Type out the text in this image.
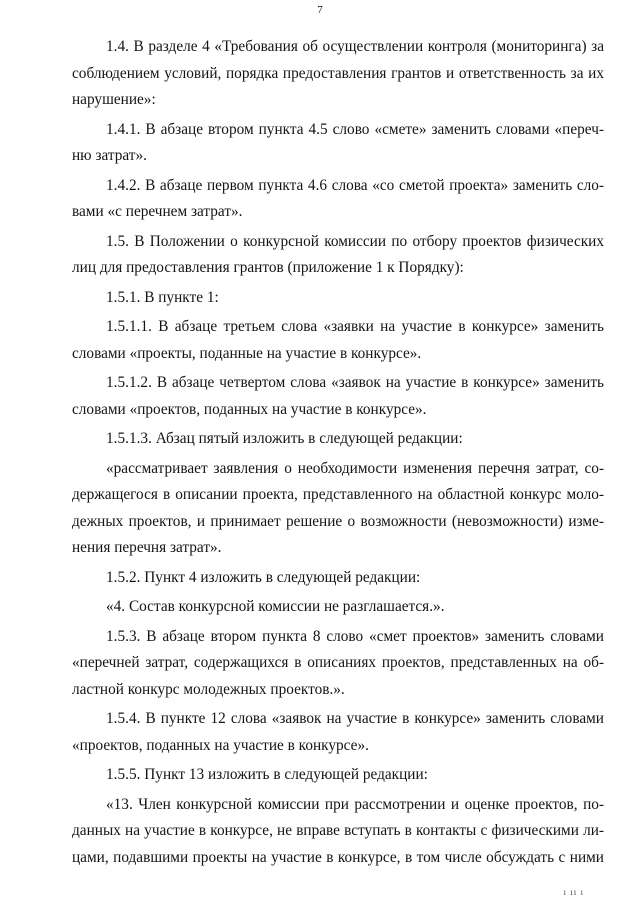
7
1.4. В разделе 4 «Требования об осуществлении контроля (мониторинга) за
соблюдением условий, порядка предоставления грантов и ответственность за их
нарушение»:
1.4.1. В абзаце втором пункта 4.5 слово «смете» заменить словами «переч-
ню затрат».
1.4.2. В абзаце первом пункта 4.6 слова «со сметой проекта» заменить сло-
вами «с перечнем затрат».
1.5. В Положении о конкурсной комиссии по отбору проектов физических
лиц для предоставления грантов (приложение 1 к Порядку):
1.5.1. В пункте 1:
1.5.1.1. В абзаце третьем слова «заявки на участие в конкурсе» заменить
словами «проекты, поданные на участие в конкурсе».
1.5.1.2. В абзаце четвертом слова «заявок на участие в конкурсе» заменить
словами «проектов, поданных на участие в конкурсе».
1.5.1.3. Абзац пятый изложить в следующей редакции:
«рассматривает заявления о необходимости изменения перечня затрат, со-
держащегося в описании проекта, представленного на областной конкурс моло-
дежных проектов, и принимает решение о возможности (невозможности) изме-
нения перечня затрат».
1.5.2. Пункт 4 изложить в следующей редакции:
«4. Состав конкурсной комиссии не разглашается.».
1.5.3. В абзаце втором пункта 8 слово «смет проектов» заменить словами
«перечней затрат, содержащихся в описаниях проектов, представленных на об-
ластной конкурс молодежных проектов.».
1.5.4. В пункте 12 слова «заявок на участие в конкурсе» заменить словами
«проектов, поданных на участие в конкурсе».
1.5.5. Пункт 13 изложить в следующей редакции:
«13. Член конкурсной комиссии при рассмотрении и оценке проектов, по-
данных на участие в конкурсе, не вправе вступать в контакты с физическими ли-
цами, подавшими проекты на участие в конкурсе, в том числе обсуждать с ними
ı ıı ı
